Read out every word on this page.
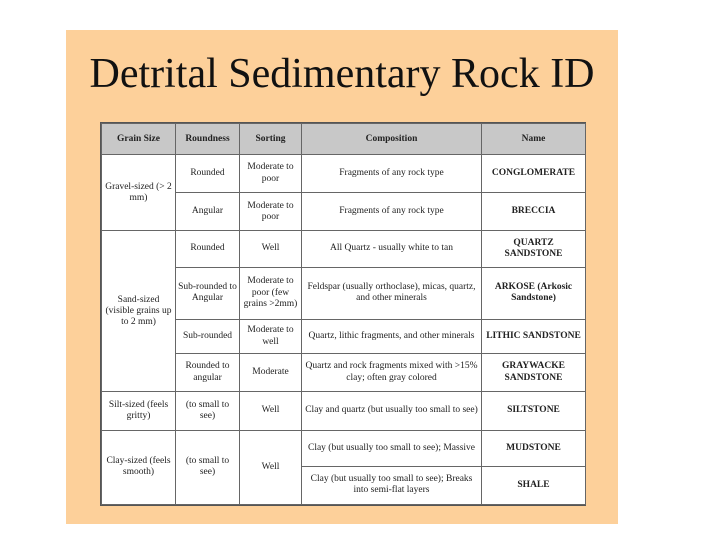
Detrital Sedimentary Rock ID
Grain Size	Roundness	Sorting	Composition	Name
Gravel-sized (> 2 mm)	Rounded	Moderate to poor	Fragments of any rock type	CONGLOMERATE
	Angular	Moderate to poor	Fragments of any rock type	BRECCIA
Sand-sized (visible grains up to 2 mm)	Rounded	Well	All Quartz - usually white to tan	QUARTZ SANDSTONE
	Sub-rounded to Angular	Moderate to poor (few grains >2mm)	Feldspar (usually orthoclase), micas, quartz, and other minerals	ARKOSE (Arkosic Sandstone)
	Sub-rounded	Moderate to well	Quartz, lithic fragments, and other minerals	LITHIC SANDSTONE
	Rounded to angular	Moderate	Quartz and rock fragments mixed with >15% clay; often gray colored	GRAYWACKE SANDSTONE
Silt-sized (feels gritty)	(to small to see)	Well	Clay and quartz (but usually too small to see)	SILTSTONE
Clay-sized (feels smooth)	(to small to see)	Well	Clay (but usually too small to see); Massive	MUDSTONE
			Clay (but usually too small to see); Breaks into semi-flat layers	SHALE
